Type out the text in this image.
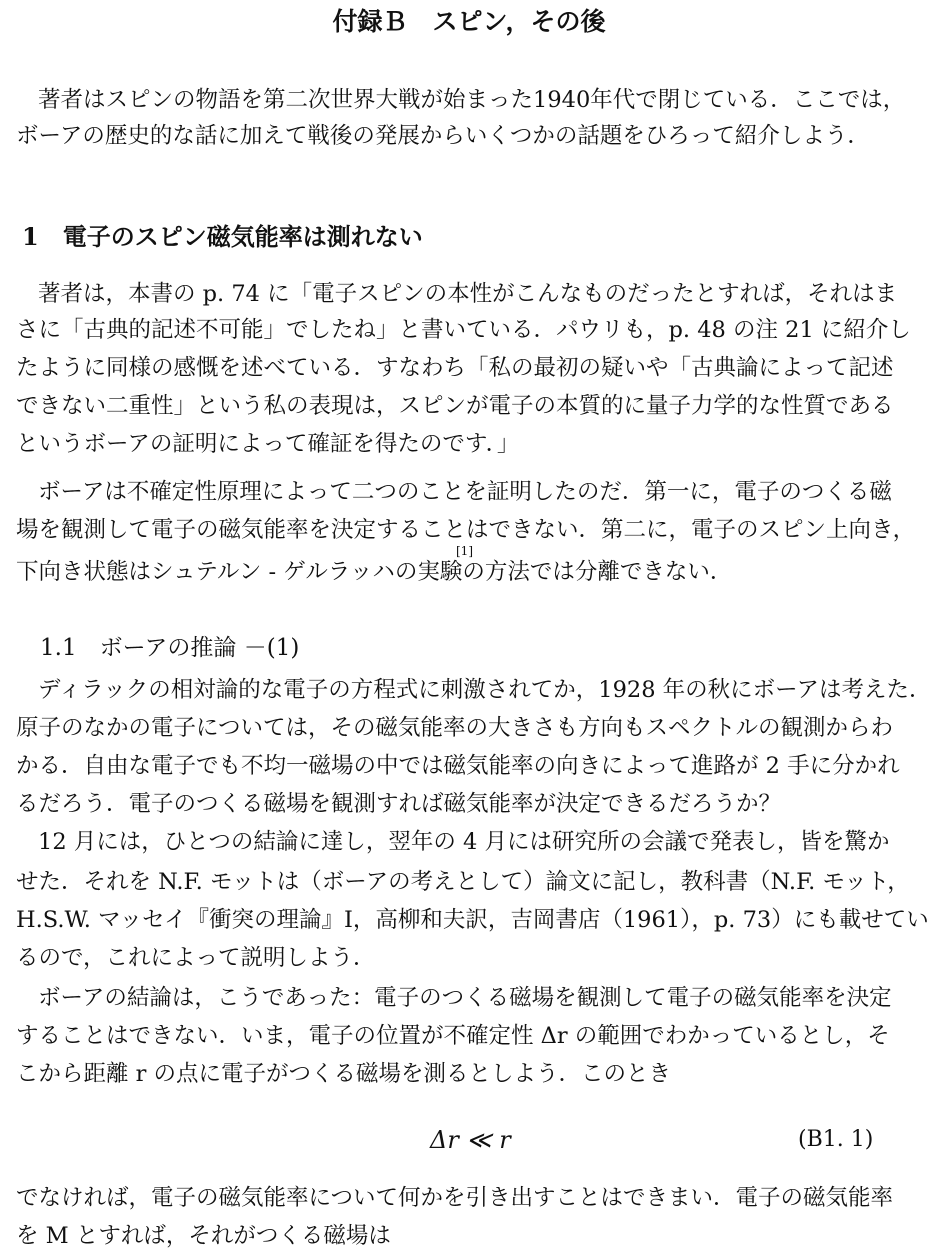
付録Ｂ　スピン，その後
著者はスピンの物語を第二次世界大戦が始まった1940年代で閉じている．ここでは，
ボーアの歴史的な話に加えて戦後の発展からいくつかの話題をひろって紹介しよう．
1　電子のスピン磁気能率は測れない
著者は，本書の p. 74 に「電子スピンの本性がこんなものだったとすれば，それはま
さに「古典的記述不可能」でしたね」と書いている．パウリも，p. 48 の注 21 に紹介し
たように同様の感慨を述べている．すなわち「私の最初の疑いや「古典論によって記述
できない二重性」という私の表現は，スピンが電子の本質的に量子力学的な性質である
というボーアの証明によって確証を得たのです．」
ボーアは不確定性原理によって二つのことを証明したのだ．第一に，電子のつくる磁
場を観測して電子の磁気能率を決定することはできない．第二に，電子のスピン上向き，
[1]
下向き状態はシュテルン - ゲルラッハの実験の方法では分離できない．
1.1　ボーアの推論 －(1)
ディラックの相対論的な電子の方程式に刺激されてか，1928 年の秋にボーアは考えた．
原子のなかの電子については，その磁気能率の大きさも方向もスペクトルの観測からわ
かる．自由な電子でも不均一磁場の中では磁気能率の向きによって進路が 2 手に分かれ
るだろう．電子のつくる磁場を観測すれば磁気能率が決定できるだろうか？
12 月には，ひとつの結論に達し，翌年の 4 月には研究所の会議で発表し，皆を驚か
せた．それを N.F. モットは（ボーアの考えとして）論文に記し，教科書（N.F. モット，
H.S.W. マッセイ『衝突の理論』I，高柳和夫訳，吉岡書店（1961），p. 73）にも載せてい
るので，これによって説明しよう．
ボーアの結論は，こうであった：電子のつくる磁場を観測して電子の磁気能率を決定
することはできない．いま，電子の位置が不確定性 Δr の範囲でわかっているとし，そ
こから距離 r の点に電子がつくる磁場を測るとしよう．このとき
Δr ≪ r	(B1. 1)
でなければ，電子の磁気能率について何かを引き出すことはできまい．電子の磁気能率
を M とすれば，それがつくる磁場は
